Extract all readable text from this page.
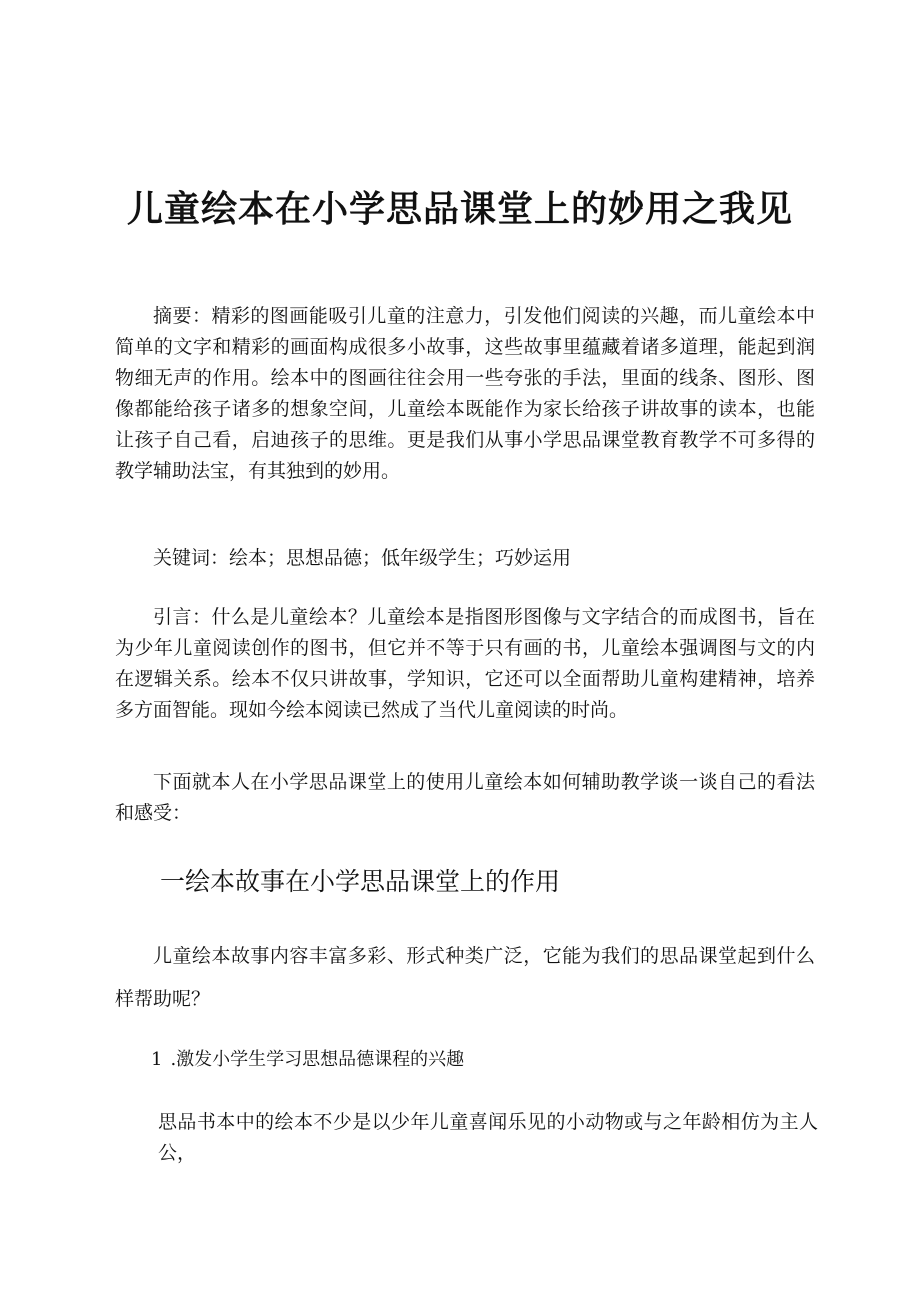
儿童绘本在小学思品课堂上的妙用之我见

摘要：精彩的图画能吸引儿童的注意力，引发他们阅读的兴趣，而儿童绘本中简单的文字和精彩的画面构成很多小故事，这些故事里蕴藏着诸多道理，能起到润物细无声的作用。绘本中的图画往往会用一些夸张的手法，里面的线条、图形、图像都能给孩子诸多的想象空间，儿童绘本既能作为家长给孩子讲故事的读本，也能让孩子自己看，启迪孩子的思维。更是我们从事小学思品课堂教育教学不可多得的教学辅助法宝，有其独到的妙用。

关键词：绘本；思想品德；低年级学生；巧妙运用

引言：什么是儿童绘本？儿童绘本是指图形图像与文字结合的而成图书，旨在为少年儿童阅读创作的图书，但它并不等于只有画的书，儿童绘本强调图与文的内在逻辑关系。绘本不仅只讲故事，学知识，它还可以全面帮助儿童构建精神，培养多方面智能。现如今绘本阅读已然成了当代儿童阅读的时尚。

下面就本人在小学思品课堂上的使用儿童绘本如何辅助教学谈一谈自己的看法和感受：

一绘本故事在小学思品课堂上的作用

儿童绘本故事内容丰富多彩、形式种类广泛，它能为我们的思品课堂起到什么样帮助呢？

1 .激发小学生学习思想品德课程的兴趣

思品书本中的绘本不少是以少年儿童喜闻乐见的小动物或与之年龄相仿为主人公，
